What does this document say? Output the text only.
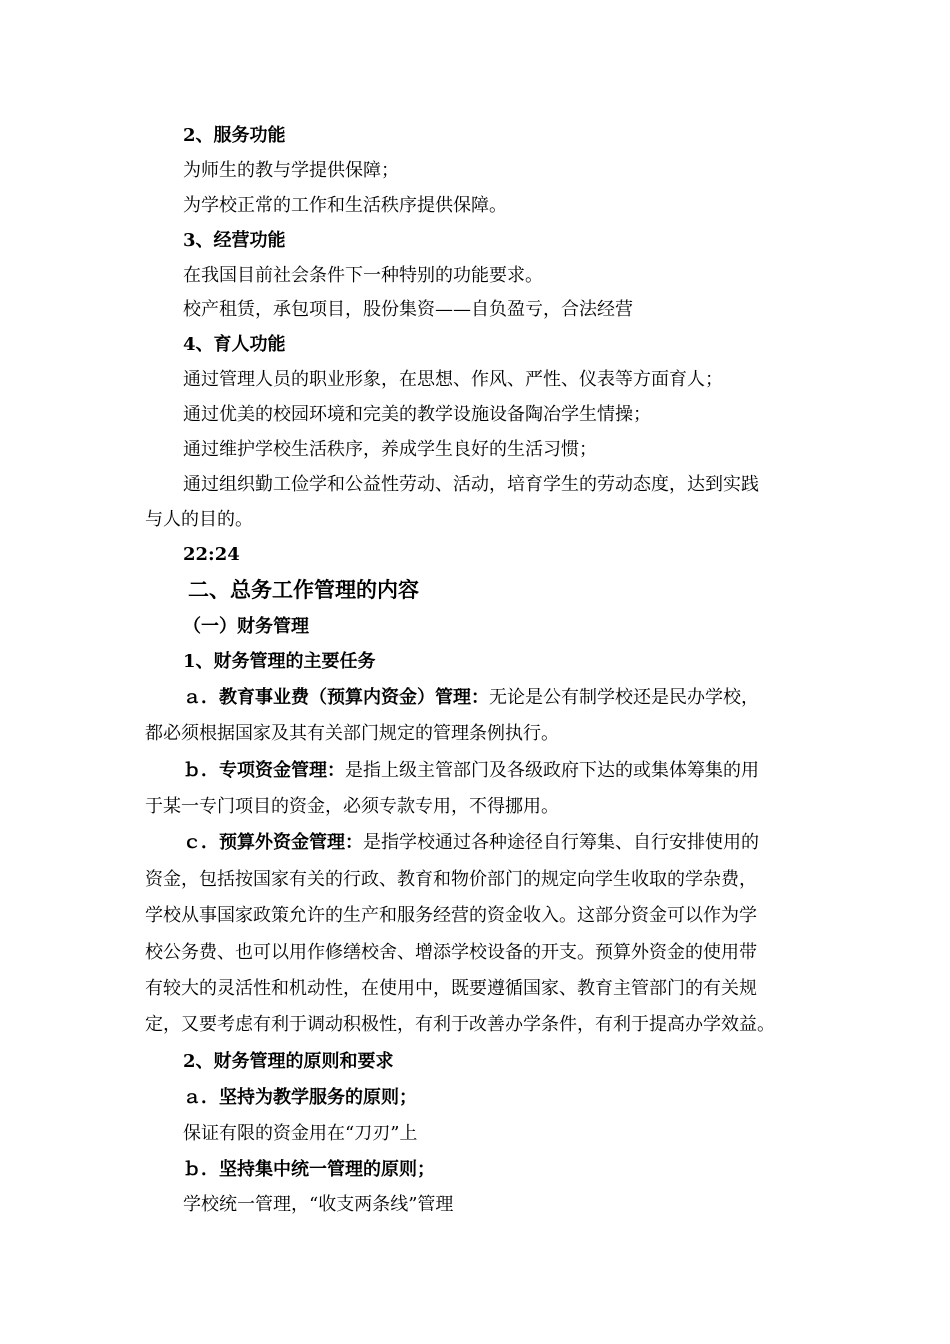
2、服务功能
为师生的教与学提供保障；
为学校正常的工作和生活秩序提供保障。
3、经营功能
在我国目前社会条件下一种特别的功能要求。
校产租赁，承包项目，股份集资——自负盈亏，合法经营
4、育人功能
通过管理人员的职业形象，在思想、作风、严性、仪表等方面育人；
通过优美的校园环境和完美的教学设施设备陶冶学生情操；
通过维护学校生活秩序，养成学生良好的生活习惯；
通过组织勤工俭学和公益性劳动、活动，培育学生的劳动态度，达到实践
与人的目的。
22:24
二、总务工作管理的内容
（一）财务管理
1、财务管理的主要任务
ａ．教育事业费（预算内资金）管理：无论是公有制学校还是民办学校，
都必须根据国家及其有关部门规定的管理条例执行。
ｂ．专项资金管理：是指上级主管部门及各级政府下达的或集体筹集的用
于某一专门项目的资金，必须专款专用，不得挪用。
ｃ．预算外资金管理：是指学校通过各种途径自行筹集、自行安排使用的
资金，包括按国家有关的行政、教育和物价部门的规定向学生收取的学杂费，
学校从事国家政策允许的生产和服务经营的资金收入。这部分资金可以作为学
校公务费、也可以用作修缮校舍、增添学校设备的开支。预算外资金的使用带
有较大的灵活性和机动性，在使用中，既要遵循国家、教育主管部门的有关规
定，又要考虑有利于调动积极性，有利于改善办学条件，有利于提高办学效益。
2、财务管理的原则和要求
ａ．坚持为教学服务的原则；
保证有限的资金用在“刀刃”上
ｂ．坚持集中统一管理的原则；
学校统一管理，“收支两条线”管理
